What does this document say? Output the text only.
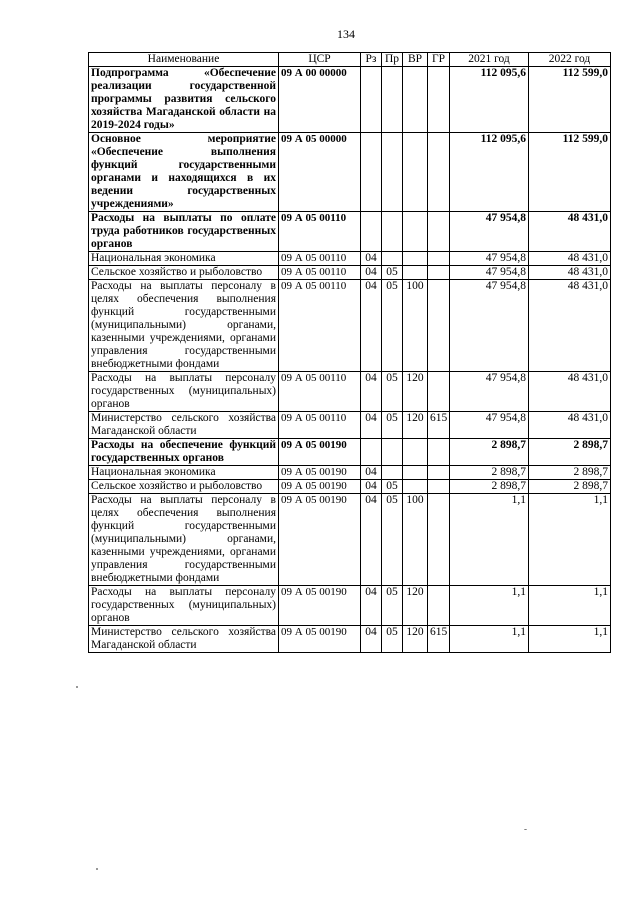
134
Наименование	ЦСР	Рз	Пр	ВР	ГР	2021 год	2022 год
Подпрограмма «Обеспечение реализации государственной программы развития сельского хозяйства Магаданской области на 2019-2024 годы»	09 А 00 00000					112 095,6	112 599,0
Основное мероприятие «Обеспечение выполнения функций государственными органами и находящихся в их ведении государственных учреждениями»	09 А 05 00000					112 095,6	112 599,0
Расходы на выплаты по оплате труда работников государственных органов	09 А 05 00110					47 954,8	48 431,0
Национальная экономика	09 А 05 00110	04				47 954,8	48 431,0
Сельское хозяйство и рыболовство	09 А 05 00110	04	05			47 954,8	48 431,0
Расходы на выплаты персоналу в целях обеспечения выполнения функций государственными (муниципальными) органами, казенными учреждениями, органами управления государственными внебюджетными фондами	09 А 05 00110	04	05	100		47 954,8	48 431,0
Расходы на выплаты персоналу государственных (муниципальных) органов	09 А 05 00110	04	05	120		47 954,8	48 431,0
Министерство сельского хозяйства Магаданской области	09 А 05 00110	04	05	120	615	47 954,8	48 431,0
Расходы на обеспечение функций государственных органов	09 А 05 00190					2 898,7	2 898,7
Национальная экономика	09 А 05 00190	04				2 898,7	2 898,7
Сельское хозяйство и рыболовство	09 А 05 00190	04	05			2 898,7	2 898,7
Расходы на выплаты персоналу в целях обеспечения выполнения функций государственными (муниципальными) органами, казенными учреждениями, органами управления государственными внебюджетными фондами	09 А 05 00190	04	05	100		1,1	1,1
Расходы на выплаты персоналу государственных (муниципальных) органов	09 А 05 00190	04	05	120		1,1	1,1
Министерство сельского хозяйства Магаданской области	09 А 05 00190	04	05	120	615	1,1	1,1
